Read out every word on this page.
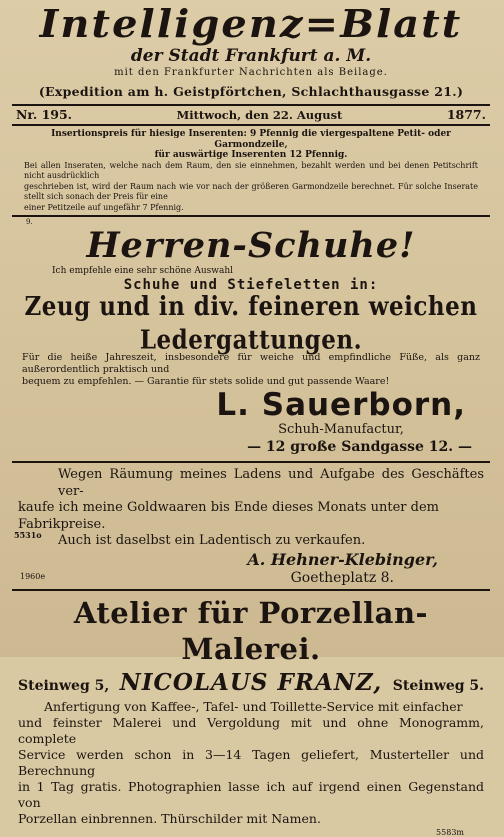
Intelligenz=Blatt
der Stadt Frankfurt a. M.
mit den Frankfurter Nachrichten als Beilage.
(Expedition am h. Geistpförtchen, Schlachthausgasse 21.)
Nr. 195.	Mittwoch, den 22. August	1877.
Insertionspreis für hiesige Inserenten: 9 Pfennig die viergespaltene Petit- oder Garmondzeile,
für auswärtige Inserenten 12 Pfennig.
Bei allen Inseraten, welche nach dem Raum, den sie einnehmen, bezahlt werden und bei denen Petitschrift nicht ausdrücklich
geschrieben ist, wird der Raum nach wie vor nach der größeren Garmondzeile berechnet. Für solche Inserate stellt sich sonach der Preis für eine
einer Petitzeile auf ungefähr 7 Pfennig.
9.
Herren-Schuhe!
Ich empfehle eine sehr schöne Auswahl
Schuhe und Stiefeletten in:
Zeug und in div. feineren weichen Ledergattungen.
Für die heiße Jahreszeit, insbesondere für weiche und empfindliche Füße, als ganz außerordentlich praktisch und
bequem zu empfehlen. — Garantie für stets solide und gut passende Waare!
L. Sauerborn,
Schuh-Manufactur,
5531o
— 12 große Sandgasse 12. —
Wegen Räumung meines Ladens und Aufgabe des Geschäftes ver-
kaufe ich meine Goldwaaren bis Ende dieses Monats unter dem
Fabrikpreise.
Auch ist daselbst ein Ladentisch zu verkaufen.
A. Hehner-Klebinger,
1960e	Goetheplatz 8.
Atelier für Porzellan-Malerei.
Steinweg 5, NICOLAUS FRANZ, Steinweg 5.
Anfertigung von Kaffee-, Tafel- und Toillette-Service mit einfacher
und feinster Malerei und Vergoldung mit und ohne Monogramm, complete
Service werden schon in 3—14 Tagen geliefert, Musterteller und Berechnung
in 1 Tag gratis. Photographien lasse ich auf irgend einen Gegenstand von
Porzellan einbrennen. Thürschilder mit Namen.
5583m
